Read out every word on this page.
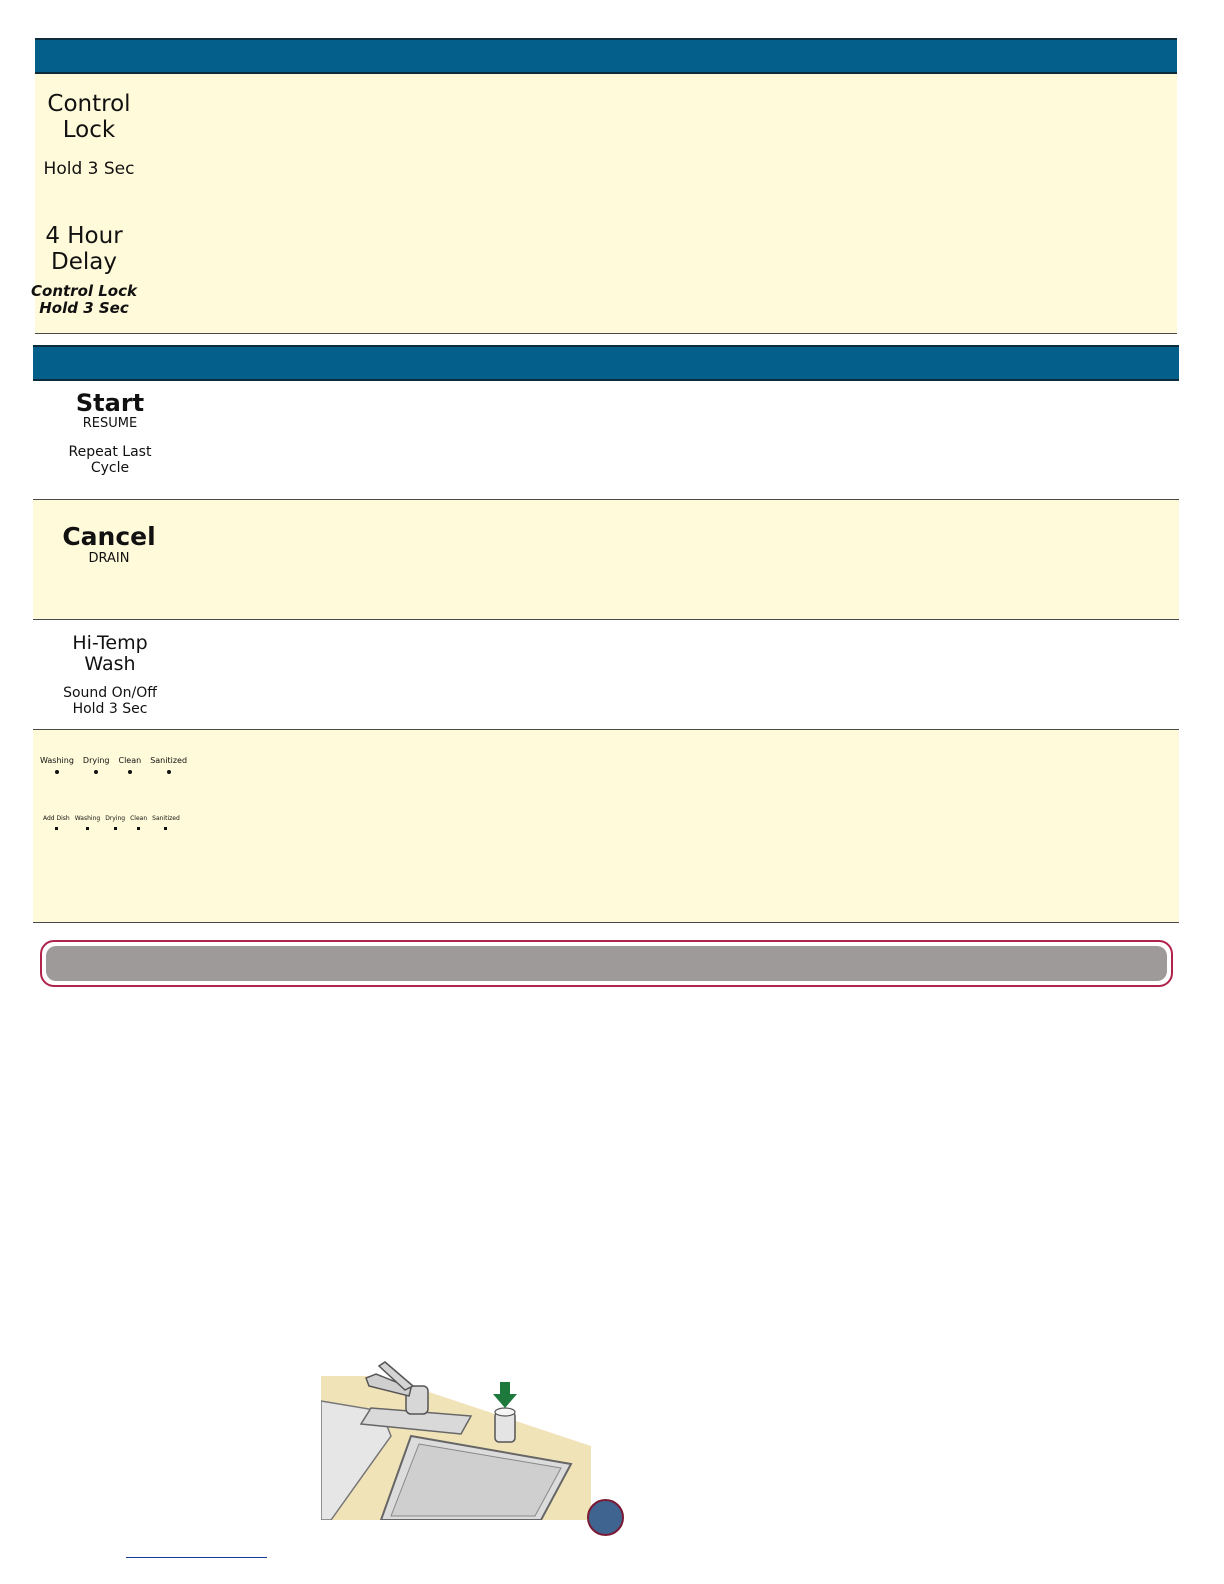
Control
Lock
Hold 3 Sec
4 Hour
Delay
Control Lock
Hold 3 Sec
Start
RESUME
Repeat Last
Cycle
Cancel
DRAIN
Hi-Temp
Wash
Sound On/Off
Hold 3 Sec
Washing Drying Clean Sanitized
Add Dish Washing Drying Clean Sanitized
